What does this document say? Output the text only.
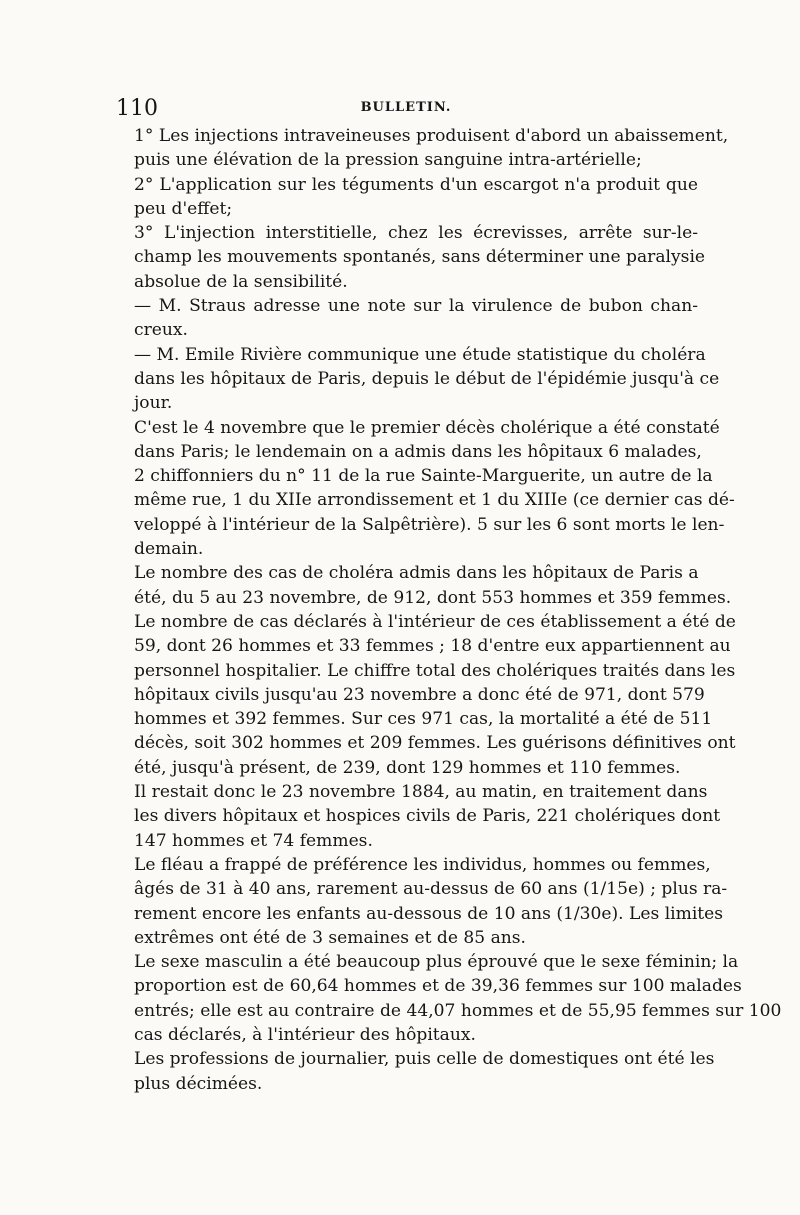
110	BULLETIN.

1° Les injections intraveineuses produisent d'abord un abaissement,
puis une élévation de la pression sanguine intra-artérielle;

2° L'application sur les téguments d'un escargot n'a produit que
peu d'effet;

3° L'injection interstitielle, chez les écrevisses, arrête sur-le-
champ les mouvements spontanés, sans déterminer une paralysie
absolue de la sensibilité.

— M. Straus adresse une note sur la virulence de bubon chan-
creux.

— M. Emile Rivière communique une étude statistique du choléra
dans les hôpitaux de Paris, depuis le début de l'épidémie jusqu'à ce
jour.

C'est le 4 novembre que le premier décès cholérique a été constaté
dans Paris; le lendemain on a admis dans les hôpitaux 6 malades,
2 chiffonniers du n° 11 de la rue Sainte-Marguerite, un autre de la
même rue, 1 du XIIe arrondissement et 1 du XIIIe (ce dernier cas dé-
veloppé à l'intérieur de la Salpêtrière). 5 sur les 6 sont morts le len-
demain.

Le nombre des cas de choléra admis dans les hôpitaux de Paris a
été, du 5 au 23 novembre, de 912, dont 553 hommes et 359 femmes.
Le nombre de cas déclarés à l'intérieur de ces établissement a été de
59, dont 26 hommes et 33 femmes ; 18 d'entre eux appartiennent au
personnel hospitalier. Le chiffre total des cholériques traités dans les
hôpitaux civils jusqu'au 23 novembre a donc été de 971, dont 579
hommes et 392 femmes. Sur ces 971 cas, la mortalité a été de 511
décès, soit 302 hommes et 209 femmes. Les guérisons définitives ont
été, jusqu'à présent, de 239, dont 129 hommes et 110 femmes.

Il restait donc le 23 novembre 1884, au matin, en traitement dans
les divers hôpitaux et hospices civils de Paris, 221 cholériques dont
147 hommes et 74 femmes.

Le fléau a frappé de préférence les individus, hommes ou femmes,
âgés de 31 à 40 ans, rarement au-dessus de 60 ans (1/15e) ; plus ra-
rement encore les enfants au-dessous de 10 ans (1/30e). Les limites
extrêmes ont été de 3 semaines et de 85 ans.

Le sexe masculin a été beaucoup plus éprouvé que le sexe féminin; la
proportion est de 60,64 hommes et de 39,36 femmes sur 100 malades
entrés; elle est au contraire de 44,07 hommes et de 55,95 femmes sur 100
cas déclarés, à l'intérieur des hôpitaux.

Les professions de journalier, puis celle de domestiques ont été les
plus décimées.
